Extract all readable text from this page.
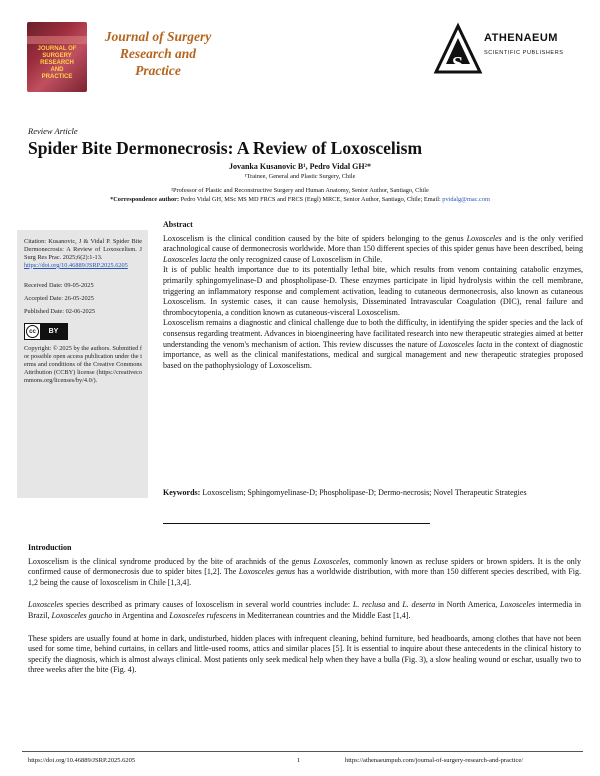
JOURNAL OF
SURGERY
RESEARCH
AND
PRACTICE
Journal of Surgery
Research and
Practice	S
ATHENAEUM
SCIENTIFIC PUBLISHERS
Review Article
Spider Bite Dermonecrosis: A Review of Loxoscelism
Jovanka Kusanovic B¹, Pedro Vidal GH²*
¹Trainee, General and Plastic Surgery, Chile
²Professor of Plastic and Reconstructive Surgery and Human Anatomy, Senior Author, Santiago, Chile
*Correspondence author: Pedro Vidal GH, MSc MS MD FRCS and FRCS (Engl) MRCE, Senior Author, Santiago, Chile; Email: pvidalg@mac.com
Citation: Kusanovic, J & Vidal P. Spider Bite Dermonecrosis: A Review of Loxoscelism. J Surg Res Prac. 2025;6(2):1-13.
https://doi.org/10.46889/JSRP.2025.6205
Received Date: 09-05-2025
Accepted Date: 26-05-2025
Published Date: 02-06-2025
cc	BY
Copyright: © 2025 by the authors. Submitted for possible open access publication under the terms and conditions of the Creative Commons Attribution (CCBY) license (https://creativecommons.org/licenses/by/4.0/).
Abstract

Loxoscelism is the clinical condition caused by the bite of spiders belonging to the genus Loxosceles and is the only verified arachnological cause of dermonecrosis worldwide. More than 150 different species of this spider genus have been described, being Loxosceles lacta the only recognized cause of Loxoscelism in Chile.

It is of public health importance due to its potentially lethal bite, which results from venom containing catabolic enzymes, primarily sphingomyelinase-D and phospholipase-D. These enzymes participate in lipid hydrolysis within the cell membrane, triggering an inflammatory response and complement activation, leading to cutaneous dermonecrosis, also known as cutaneous Loxoscelism. In systemic cases, it can cause hemolysis, Disseminated Intravascular Coagulation (DIC), renal failure and thrombocytopenia, a condition known as cutaneous-visceral Loxoscelism.

Loxoscelism remains a diagnostic and clinical challenge due to both the difficulty, in identifying the spider species and the lack of consensus regarding treatment. Advances in bioengineering have facilitated research into new therapeutic strategies aimed at better understanding the venom's mechanism of action. This review discusses the nature of Loxosceles lacta in the context of diagnostic importance, as well as the clinical manifestations, medical and surgical management and new therapeutic strategies proposed based on the pathophysiology of Loxoscelism.

Keywords: Loxoscelism; Sphingomyelinase-D; Phospholipase-D; Dermo-necrosis; Novel Therapeutic Strategies
Introduction

Loxoscelism is the clinical syndrome produced by the bite of arachnids of the genus Loxosceles, commonly known as recluse spiders or brown spiders. It is the only confirmed cause of dermonecrosis due to spider bites [1,2]. The Loxosceles genus has a worldwide distribution, with more than 150 different species described, with Fig. 1,2 being the cause of loxoscelism in Chile [1,3,4].

Loxosceles species described as primary causes of loxoscelism in several world countries include: L. reclusa and L. deserta in North America, Loxosceles intermedia in Brazil, Loxosceles gaucho in Argentina and Loxosceles rufescens in Mediterranean countries and the Middle East [1,4].

These spiders are usually found at home in dark, undisturbed, hidden places with infrequent cleaning, behind furniture, bed headboards, among clothes that have not been used for some time, behind curtains, in cellars and little-used rooms, attics and similar places [5]. It is essential to inquire about these antecedents in the clinical history to specify the diagnosis, which is almost always clinical. Most patients only seek medical help when they have a bulla (Fig. 3), a slow healing wound or eschar, usually two to three weeks after the bite (Fig. 4).

https://doi.org/10.46889/JSRP.2025.6205	1	https://athenaeumpub.com/journal-of-surgery-research-and-practice/
